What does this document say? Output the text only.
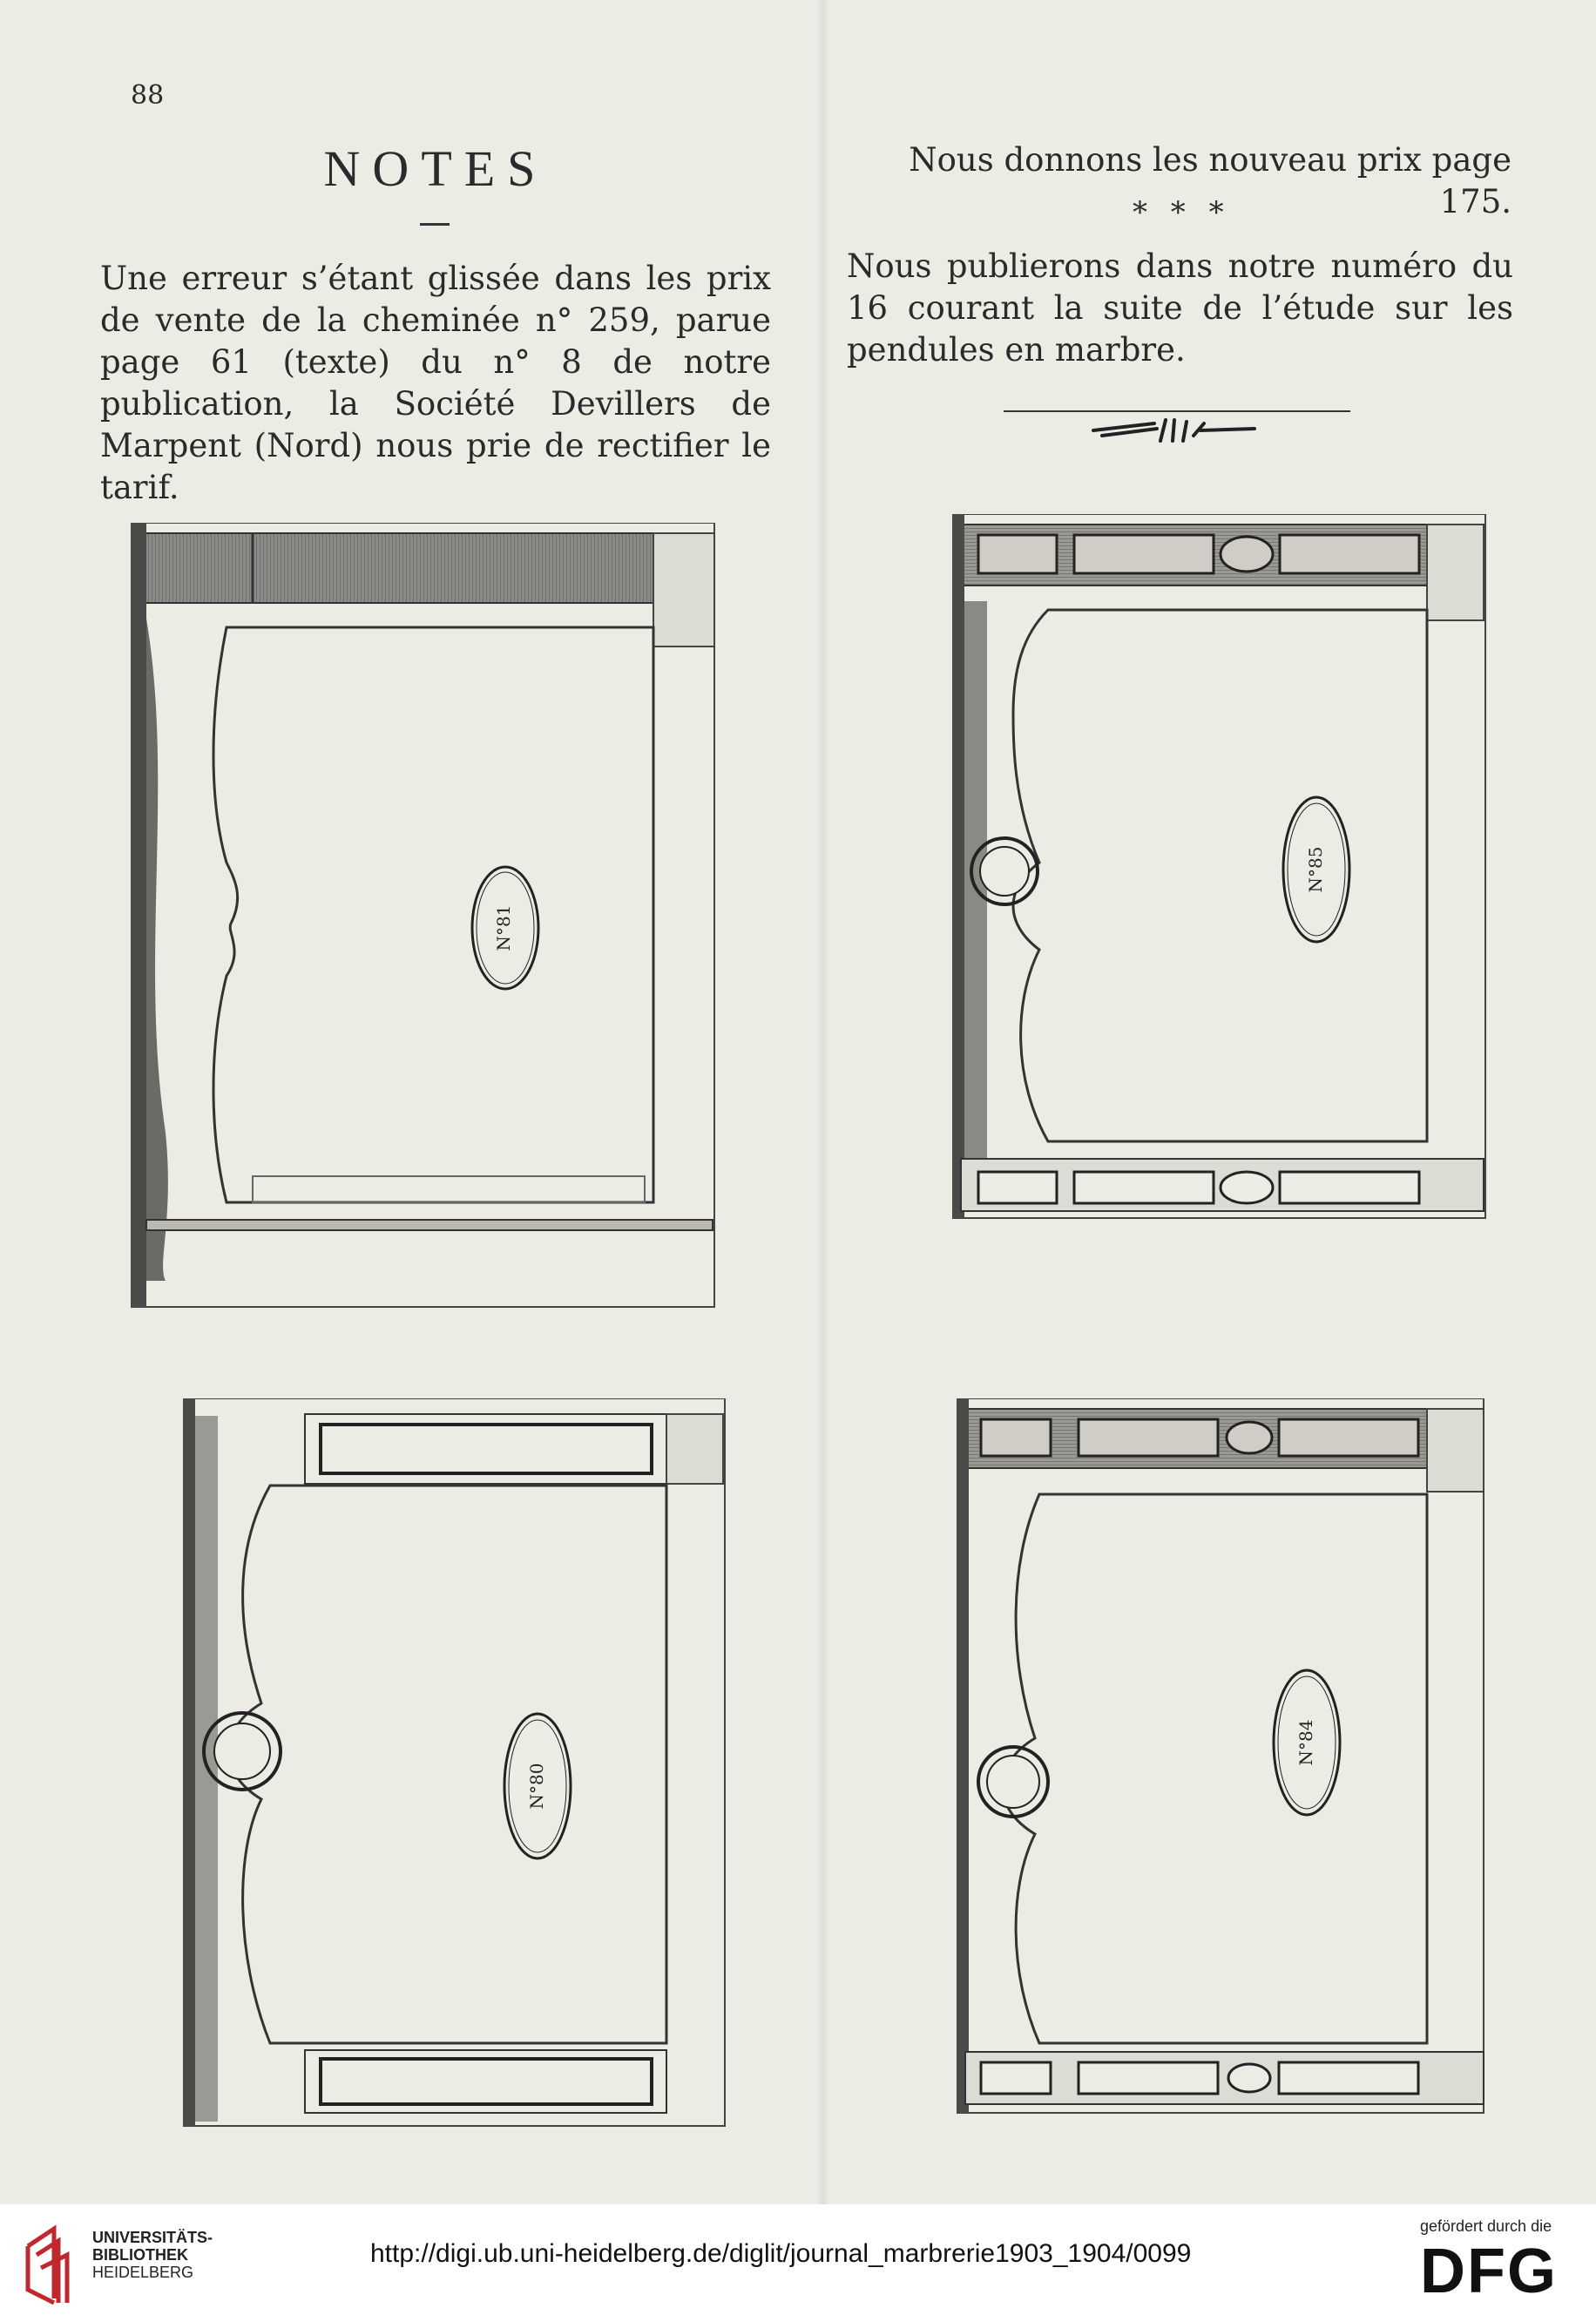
88
NOTES
Une erreur s’étant glissée dans les prix de vente de la cheminée n° 259, parue page 61 (texte) du n° 8 de notre publication, la Société Devillers de Marpent (Nord) nous prie de rectifier le tarif.
Nous donnons les nouveau prix page 175.
* * *
Nous publierons dans notre numéro du 16 courant la suite de l’étude sur les pendules en marbre.
N°81
N°85
N°80
N°84
UNIVERSITÄTS-
BIBLIOTHEK
HEIDELBERG
http://digi.ub.uni-heidelberg.de/diglit/journal_marbrerie1903_1904/0099
gefördert durch die
DFG
